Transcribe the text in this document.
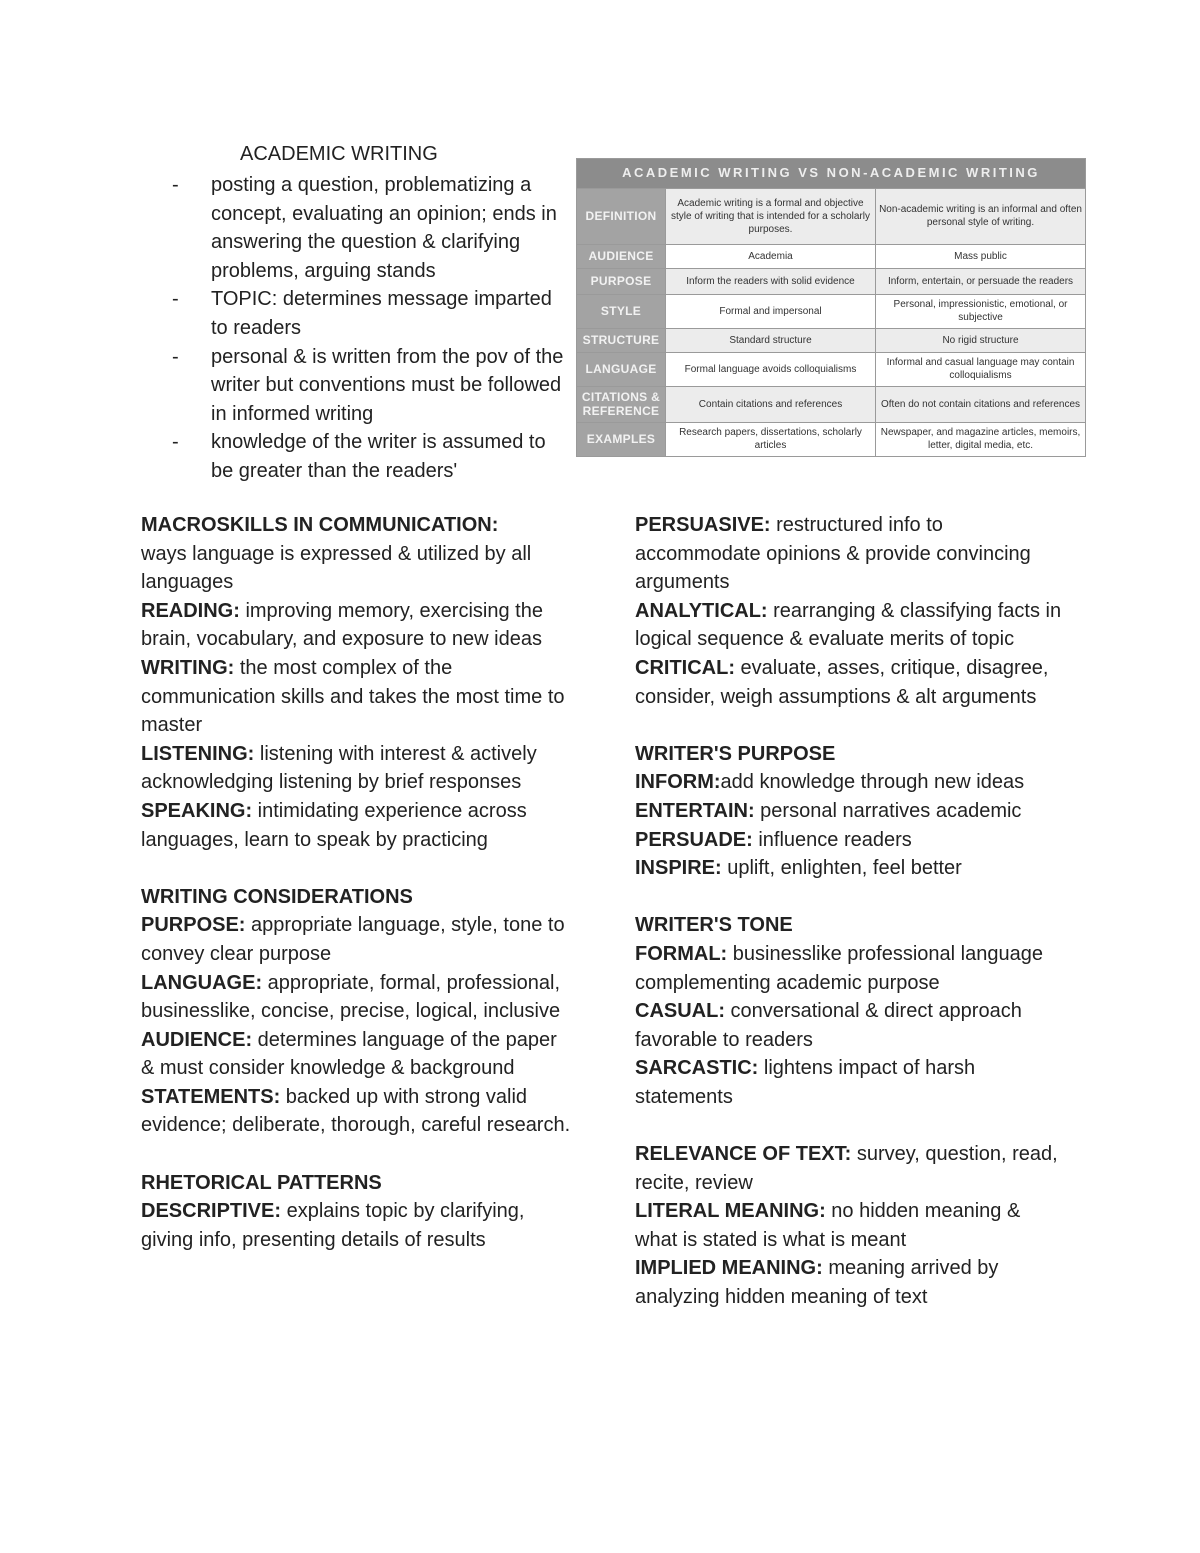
ACADEMIC WRITING
- posting a question, problematizing a concept, evaluating an opinion; ends in answering the question & clarifying problems, arguing stands
- TOPIC: determines message imparted to readers
- personal & is written from the pov of the writer but conventions must be followed in informed writing
- knowledge of the writer is assumed to be greater than the readers'
ACADEMIC WRITING VS NON-ACADEMIC WRITING		
DEFINITION	Academic writing is a formal and objective style of writing that is intended for a scholarly purposes.	Non-academic writing is an informal and often personal style of writing.
AUDIENCE	Academia	Mass public
PURPOSE	Inform the readers with solid evidence	Inform, entertain, or persuade the readers
STYLE	Formal and impersonal	Personal, impressionistic, emotional, or subjective
STRUCTURE	Standard structure	No rigid structure
LANGUAGE	Formal language avoids colloquialisms	Informal and casual language may contain colloquialisms
CITATIONS & REFERENCE	Contain citations and references	Often do not contain citations and references
EXAMPLES	Research papers, dissertations, scholarly articles	Newspaper, and magazine articles, memoirs, letter, digital media, etc.

MACROSKILLS IN COMMUNICATION:
ways language is expressed & utilized by all languages

READING: improving memory, exercising the brain, vocabulary, and exposure to new ideas

WRITING: the most complex of the communication skills and takes the most time to master

LISTENING: listening with interest & actively acknowledging listening by brief responses

SPEAKING: intimidating experience across languages, learn to speak by practicing

WRITING CONSIDERATIONS

PURPOSE: appropriate language, style, tone to convey clear purpose

LANGUAGE: appropriate, formal, professional, businesslike, concise, precise, logical, inclusive

AUDIENCE: determines language of the paper & must consider knowledge & background

STATEMENTS: backed up with strong valid evidence; deliberate, thorough, careful research.

RHETORICAL PATTERNS

DESCRIPTIVE: explains topic by clarifying, giving info, presenting details of results

PERSUASIVE: restructured info to accommodate opinions & provide convincing arguments

ANALYTICAL: rearranging & classifying facts in logical sequence & evaluate merits of topic

CRITICAL: evaluate, asses, critique, disagree, consider, weigh assumptions & alt arguments

WRITER'S PURPOSE

INFORM:add knowledge through new ideas

ENTERTAIN: personal narratives academic

PERSUADE: influence readers

INSPIRE: uplift, enlighten, feel better

WRITER'S TONE

FORMAL: businesslike professional language complementing academic purpose

CASUAL: conversational & direct approach favorable to readers

SARCASTIC: lightens impact of harsh statements

RELEVANCE OF TEXT: survey, question, read, recite, review

LITERAL MEANING: no hidden meaning & what is stated is what is meant

IMPLIED MEANING: meaning arrived by analyzing hidden meaning of text
